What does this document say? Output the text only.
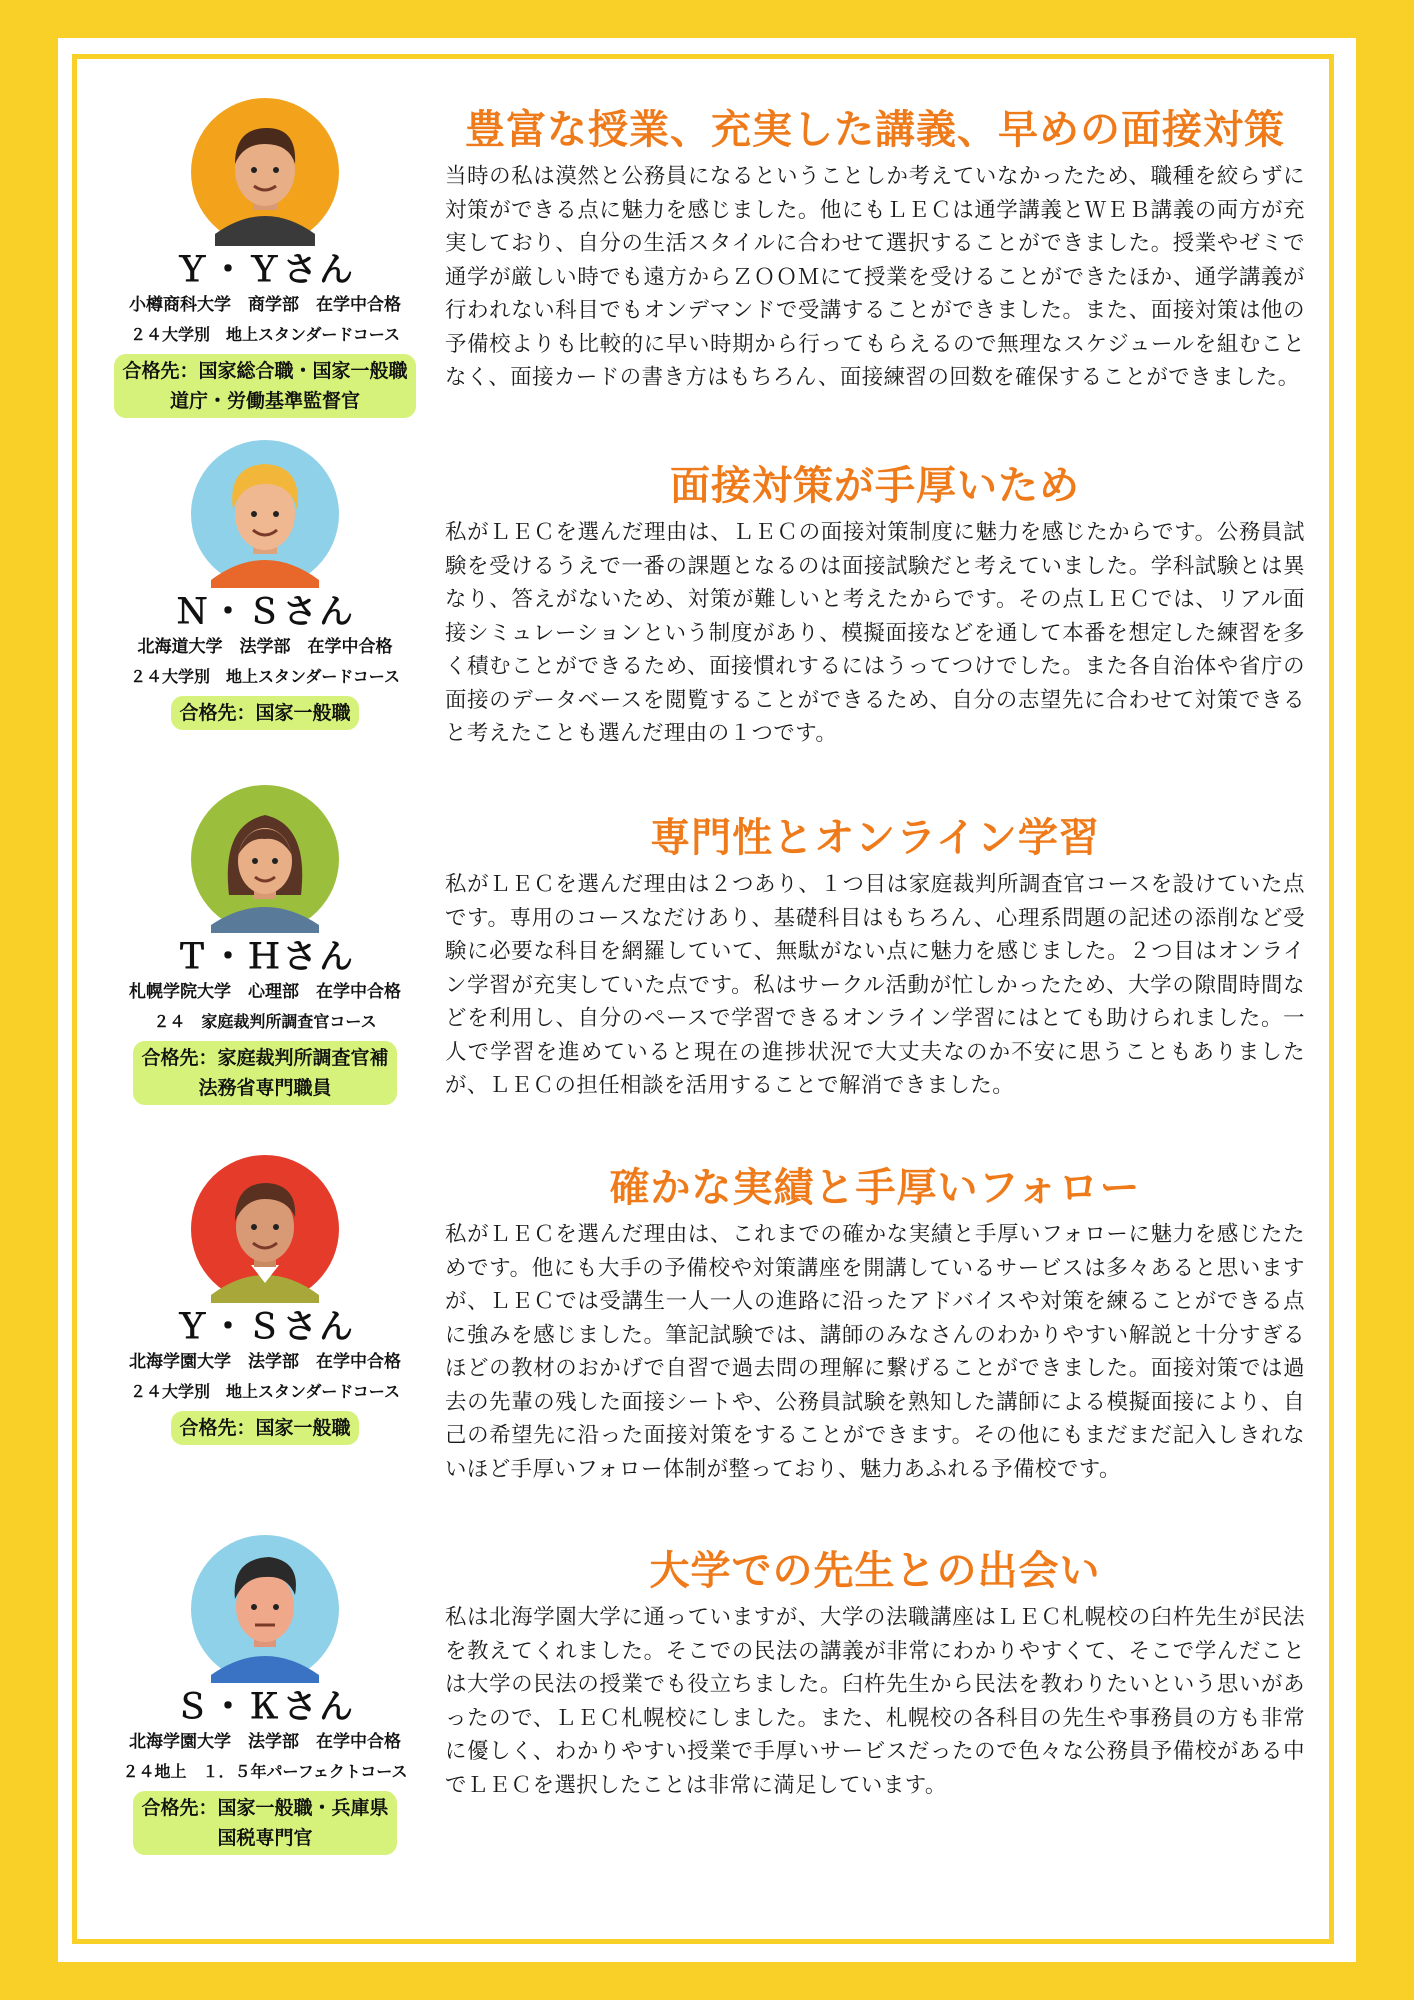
Ｙ・Ｙさん
小樽商科大学　商学部　在学中合格
２４大学別　地上スタンダードコース
合格先：国家総合職・国家一般職
道庁・労働基準監督官
Ｎ・Ｓさん
北海道大学　法学部　在学中合格
２４大学別　地上スタンダードコース
合格先：国家一般職
Ｔ・Ｈさん
札幌学院大学　心理部　在学中合格
２４　家庭裁判所調査官コース
合格先：家庭裁判所調査官補
法務省専門職員
Ｙ・Ｓさん
北海学園大学　法学部　在学中合格
２４大学別　地上スタンダードコース
合格先：国家一般職
Ｓ・Ｋさん
北海学園大学　法学部　在学中合格
２４地上　１．５年パーフェクトコース
合格先：国家一般職・兵庫県
国税専門官
豊富な授業、充実した講義、早めの面接対策

当時の私は漠然と公務員になるということしか考えていなかったため、職種を絞らずに対策ができる点に魅力を感じました。他にもＬＥＣは通学講義とＷＥＢ講義の両方が充実しており、自分の生活スタイルに合わせて選択することができました。授業やゼミで通学が厳しい時でも遠方からＺＯＯＭにて授業を受けることができたほか、通学講義が行われない科目でもオンデマンドで受講することができました。また、面接対策は他の予備校よりも比較的に早い時期から行ってもらえるので無理なスケジュールを組むことなく、面接カードの書き方はもちろん、面接練習の回数を確保することができました。

面接対策が手厚いため

私がＬＥＣを選んだ理由は、ＬＥＣの面接対策制度に魅力を感じたからです。公務員試験を受けるうえで一番の課題となるのは面接試験だと考えていました。学科試験とは異なり、答えがないため、対策が難しいと考えたからです。その点ＬＥＣでは、リアル面接シミュレーションという制度があり、模擬面接などを通して本番を想定した練習を多く積むことができるため、面接慣れするにはうってつけでした。また各自治体や省庁の面接のデータベースを閲覧することができるため、自分の志望先に合わせて対策できると考えたことも選んだ理由の１つです。

専門性とオンライン学習

私がＬＥＣを選んだ理由は２つあり、１つ目は家庭裁判所調査官コースを設けていた点です。専用のコースなだけあり、基礎科目はもちろん、心理系問題の記述の添削など受験に必要な科目を網羅していて、無駄がない点に魅力を感じました。２つ目はオンライン学習が充実していた点です。私はサークル活動が忙しかったため、大学の隙間時間などを利用し、自分のペースで学習できるオンライン学習にはとても助けられました。一人で学習を進めていると現在の進捗状況で大丈夫なのか不安に思うこともありましたが、ＬＥＣの担任相談を活用することで解消できました。

確かな実績と手厚いフォロー

私がＬＥＣを選んだ理由は、これまでの確かな実績と手厚いフォローに魅力を感じたためです。他にも大手の予備校や対策講座を開講しているサービスは多々あると思いますが、ＬＥＣでは受講生一人一人の進路に沿ったアドバイスや対策を練ることができる点に強みを感じました。筆記試験では、講師のみなさんのわかりやすい解説と十分すぎるほどの教材のおかげで自習で過去問の理解に繋げることができました。面接対策では過去の先輩の残した面接シートや、公務員試験を熟知した講師による模擬面接により、自己の希望先に沿った面接対策をすることができます。その他にもまだまだ記入しきれないほど手厚いフォロー体制が整っており、魅力あふれる予備校です。

大学での先生との出会い

私は北海学園大学に通っていますが、大学の法職講座はＬＥＣ札幌校の臼杵先生が民法を教えてくれました。そこでの民法の講義が非常にわかりやすくて、そこで学んだことは大学の民法の授業でも役立ちました。臼杵先生から民法を教わりたいという思いがあったので、ＬＥＣ札幌校にしました。また、札幌校の各科目の先生や事務員の方も非常に優しく、わかりやすい授業で手厚いサービスだったので色々な公務員予備校がある中でＬＥＣを選択したことは非常に満足しています。
